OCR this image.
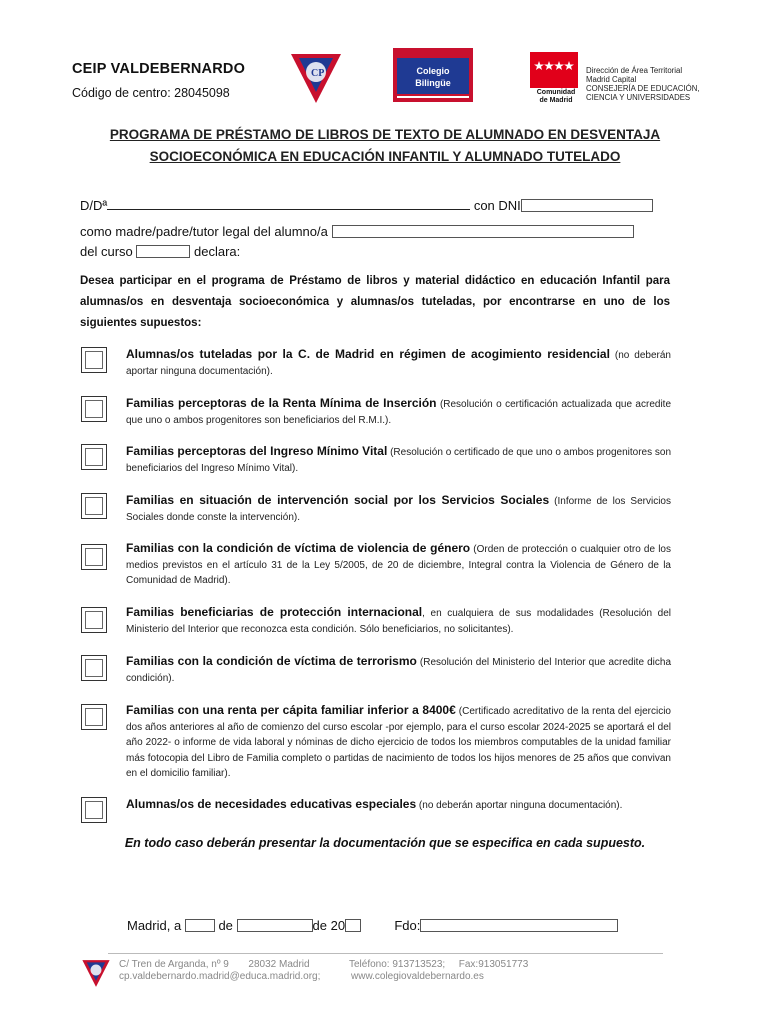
CEIP VALDEBERNARDO
Código de centro: 28045098
CP	Colegio
Bilingüe
Comunidad
de Madrid
Dirección de Área Territorial
Madrid Capital
CONSEJERÍA DE EDUCACIÓN,
CIENCIA Y UNIVERSIDADES
PROGRAMA DE PRÉSTAMO DE LIBROS DE TEXTO DE ALUMNADO EN DESVENTAJA
SOCIOECONÓMICA EN EDUCACIÓN INFANTIL Y ALUMNADO TUTELADO
D/Dª	con DNI
como madre/padre/tutor legal del alumno/a
del curso	declara:
Desea participar en el programa de Préstamo de libros y material didáctico en educación Infantil para alumnas/os en desventaja socioeconómica y alumnas/os tuteladas, por encontrarse en uno de los siguientes supuestos:
Alumnas/os tuteladas por la C. de Madrid en régimen de acogimiento residencial (no deberán aportar ninguna documentación).
Familias perceptoras de la Renta Mínima de Inserción (Resolución o certificación actualizada que acredite que uno o ambos progenitores son beneficiarios del R.M.I.).
Familias perceptoras del Ingreso Mínimo Vital (Resolución o certificado de que uno o ambos progenitores son beneficiarios del Ingreso Mínimo Vital).
Familias en situación de intervención social por los Servicios Sociales (Informe de los Servicios Sociales donde conste la intervención).
Familias con la condición de víctima de violencia de género (Orden de protección o cualquier otro de los medios previstos en el artículo 31 de la Ley 5/2005, de 20 de diciembre, Integral contra la Violencia de Género de la Comunidad de Madrid).
Familias beneficiarias de protección internacional, en cualquiera de sus modalidades (Resolución del Ministerio del Interior que reconozca esta condición. Sólo beneficiarios, no solicitantes).
Familias con la condición de víctima de terrorismo (Resolución del Ministerio del Interior que acredite dicha condición).
Familias con una renta per cápita familiar inferior a 8400€ (Certificado acreditativo de la renta del ejercicio dos años anteriores al año de comienzo del curso escolar -por ejemplo, para el curso escolar 2024-2025 se aportará el del año 2022- o informe de vida laboral y nóminas de dicho ejercicio de todos los miembros computables de la unidad familiar más fotocopia del Libro de Familia completo o partidas de nacimiento de todos los hijos menores de 25 años que convivan en el domicilio familiar).
Alumnas/os de necesidades educativas especiales (no deberán aportar ninguna documentación).
En todo caso deberán presentar la documentación que se especifica en cada supuesto.
Madrid, a	de	de 20	Fdo:
C/ Tren de Arganda, nº 9 28032 Madrid
cp.valdebernardo.madrid@educa.madrid.org;
Teléfono: 913713523; Fax:913051773
www.colegiovaldebernardo.es
